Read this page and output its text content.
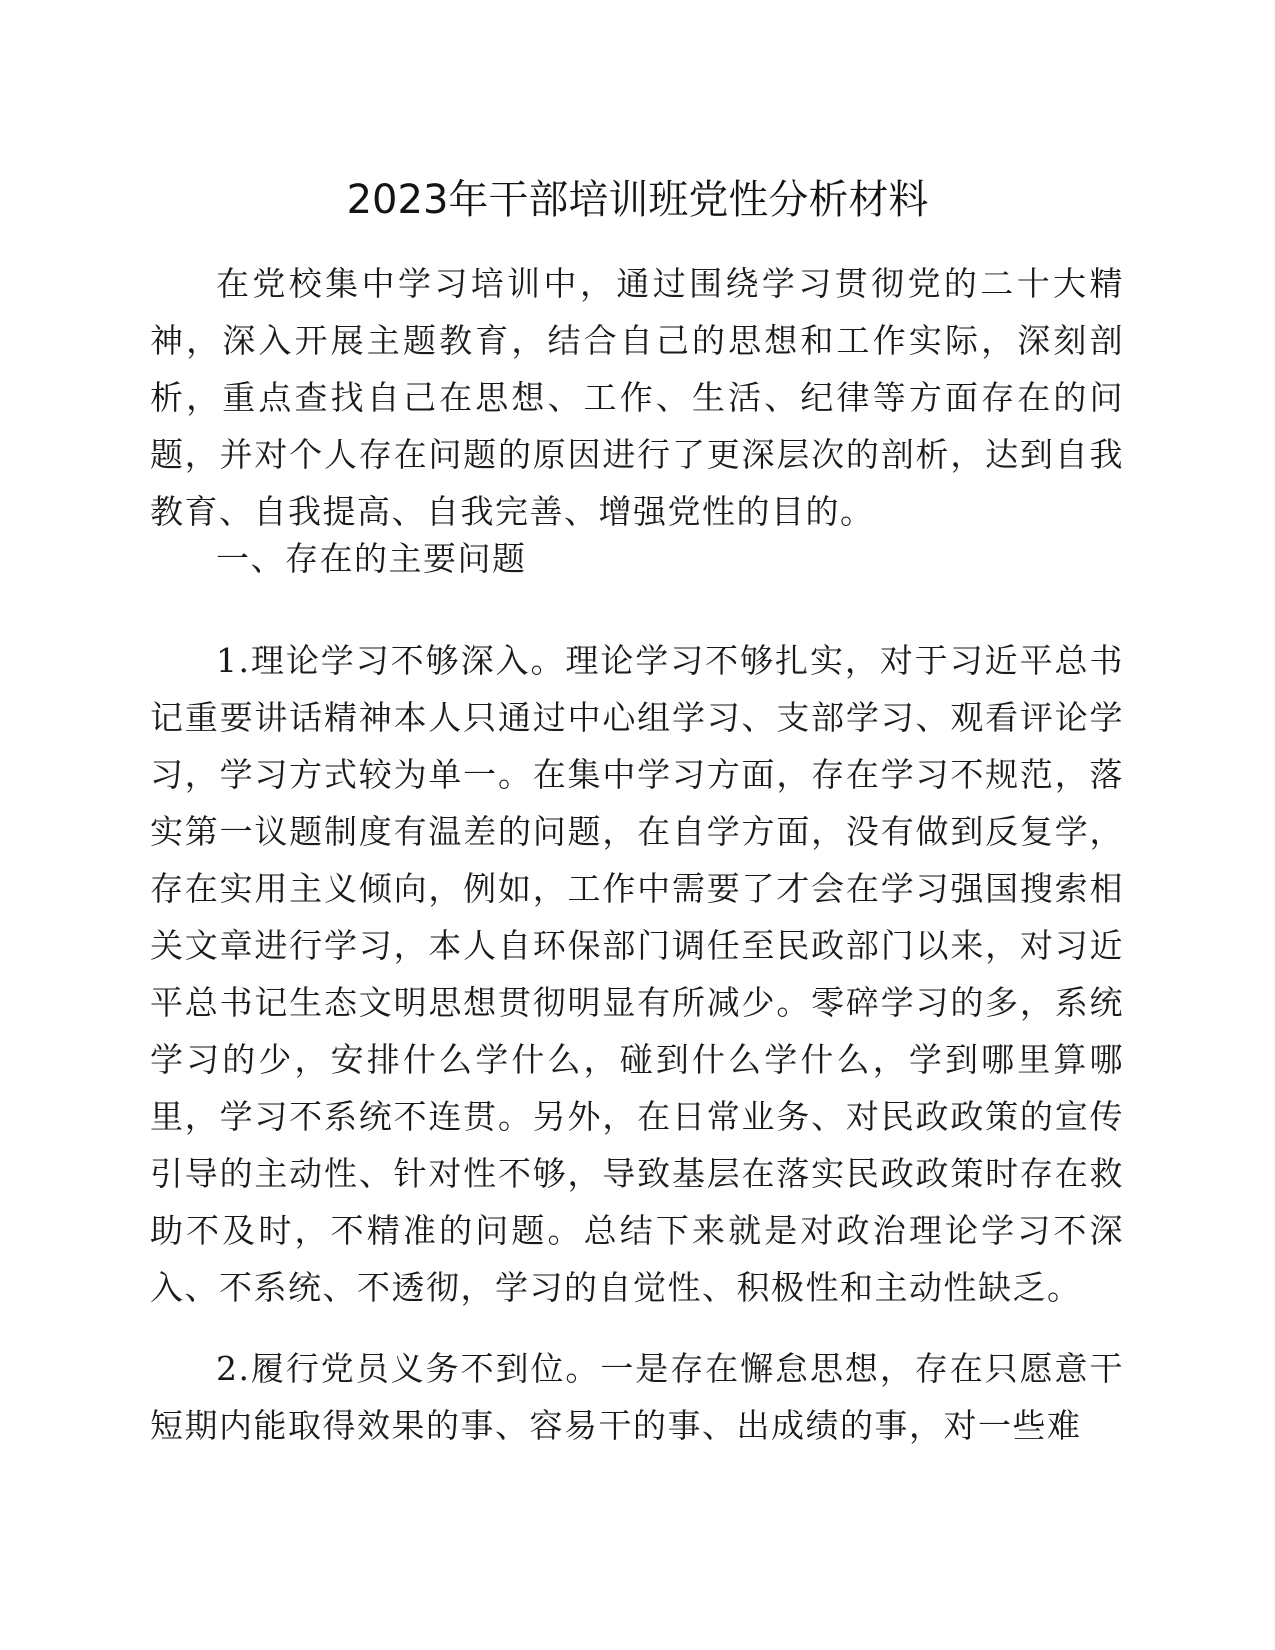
2023年干部培训班党性分析材料

在党校集中学习培训中，通过围绕学习贯彻党的二十大精神，深入开展主题教育，结合自己的思想和工作实际，深刻剖析，重点查找自己在思想、工作、生活、纪律等方面存在的问题，并对个人存在问题的原因进行了更深层次的剖析，达到自我教育、自我提高、自我完善、增强党性的目的。

一、存在的主要问题

1.理论学习不够深入。理论学习不够扎实，对于习近平总书记重要讲话精神本人只通过中心组学习、支部学习、观看评论学习，学习方式较为单一。在集中学习方面，存在学习不规范，落实第一议题制度有温差的问题，在自学方面，没有做到反复学，存在实用主义倾向，例如，工作中需要了才会在学习强国搜索相关文章进行学习，本人自环保部门调任至民政部门以来，对习近平总书记生态文明思想贯彻明显有所减少。零碎学习的多，系统学习的少，安排什么学什么，碰到什么学什么，学到哪里算哪里，学习不系统不连贯。另外，在日常业务、对民政政策的宣传引导的主动性、针对性不够，导致基层在落实民政政策时存在救助不及时，不精准的问题。总结下来就是对政治理论学习不深入、不系统、不透彻，学习的自觉性、积极性和主动性缺乏。

2.履行党员义务不到位。一是存在懈怠思想，存在只愿意干短期内能取得效果的事、容易干的事、出成绩的事，对一些难
